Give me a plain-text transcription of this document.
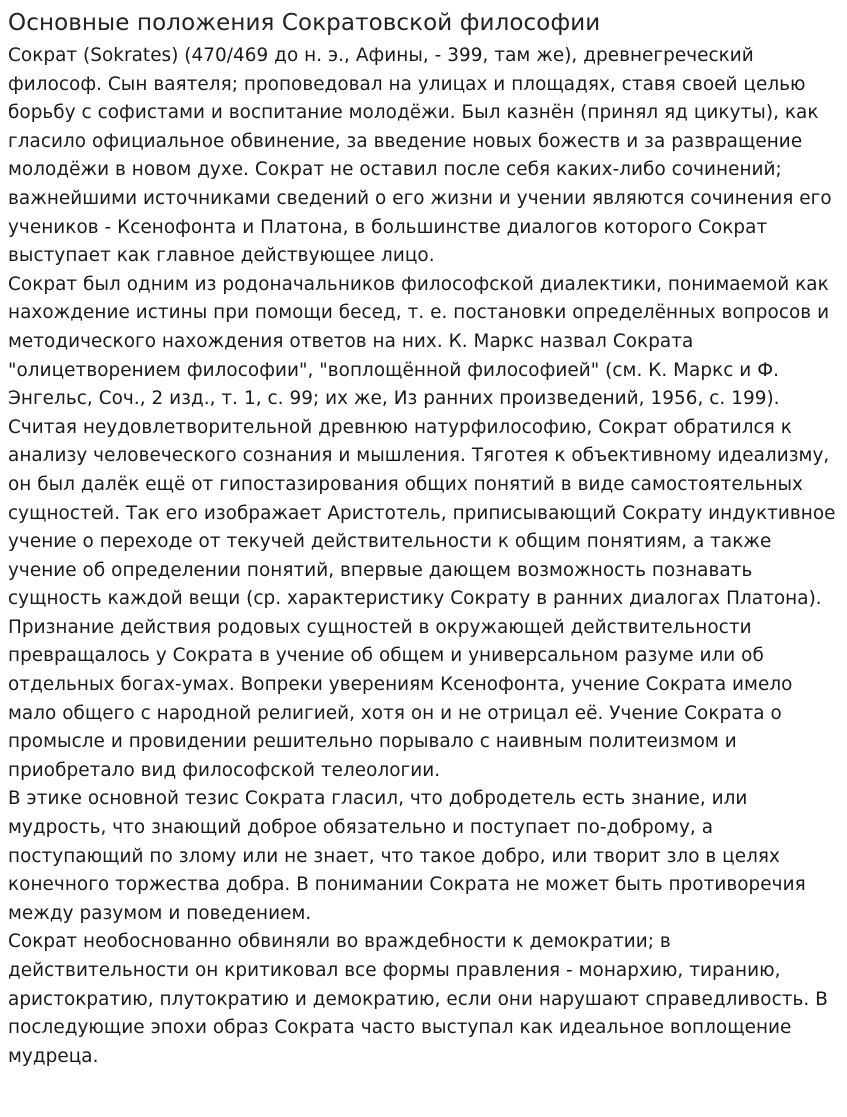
Основные положения Сократовской философии

Сократ (Sokrates) (470/469 до н. э., Афины, - 399, там же), древнегреческий философ. Сын ваятеля; проповедовал на улицах и площадях, ставя своей целью борьбу с софистами и воспитание молодёжи. Был казнён (принял яд цикуты), как гласило официальное обвинение, за введение новых божеств и за развращение молодёжи в новом духе. Сократ не оставил после себя каких-либо сочинений; важнейшими источниками сведений о его жизни и учении являются сочинения его учеников - Ксенофонта и Платона, в большинстве диалогов которого Сократ выступает как главное действующее лицо.

Сократ был одним из родоначальников философской диалектики, понимаемой как нахождение истины при помощи бесед, т. е. постановки определённых вопросов и методического нахождения ответов на них. К. Маркс назвал Сократа "олицетворением философии", "воплощённой философией" (см. К. Маркс и Ф. Энгельс, Соч., 2 изд., т. 1, с. 99; их же, Из ранних произведений, 1956, с. 199). Считая неудовлетворительной древнюю натурфилософию, Сократ обратился к анализу человеческого сознания и мышления. Тяготея к объективному идеализму, он был далёк ещё от гипостазирования общих понятий в виде самостоятельных сущностей. Так его изображает Аристотель, приписывающий Сократу индуктивное учение о переходе от текучей действительности к общим понятиям, а также учение об определении понятий, впервые дающем возможность познавать сущность каждой вещи (ср. характеристику Сократу в ранних диалогах Платона). Признание действия родовых сущностей в окружающей действительности превращалось у Сократа в учение об общем и универсальном разуме или об отдельных богах-умах. Вопреки уверениям Ксенофонта, учение Сократа имело мало общего с народной религией, хотя он и не отрицал её. Учение Сократа о промысле и провидении решительно порывало с наивным политеизмом и приобретало вид философской телеологии.

В этике основной тезис Сократа гласил, что добродетель есть знание, или мудрость, что знающий доброе обязательно и поступает по-доброму, а поступающий по злому или не знает, что такое добро, или творит зло в целях конечного торжества добра. В понимании Сократа не может быть противоречия между разумом и поведением.

Сократ необоснованно обвиняли во враждебности к демократии; в действительности он критиковал все формы правления - монархию, тиранию, аристократию, плутократию и демократию, если они нарушают справедливость. В последующие эпохи образ Сократа часто выступал как идеальное воплощение мудреца.
